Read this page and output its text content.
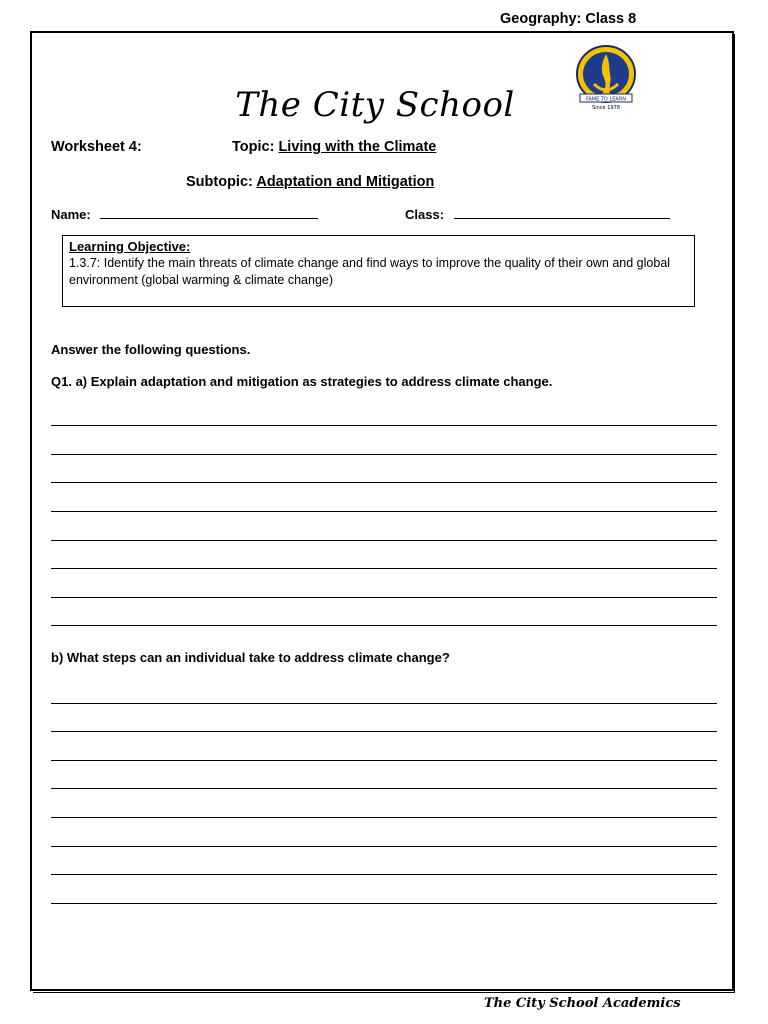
Geography: Class 8
The City School	FAME TO LEARN
Since 1978
Worksheet 4:	Topic: Living with the Climate
Subtopic: Adaptation and Mitigation
Name:	Class:
Learning Objective:
1.3.7: Identify the main threats of climate change and find ways to improve the quality of their own and global environment (global warming & climate change)
Answer the following questions.
Q1. a) Explain adaptation and mitigation as strategies to address climate change.
b) What steps can an individual take to address climate change?
The City School Academics
